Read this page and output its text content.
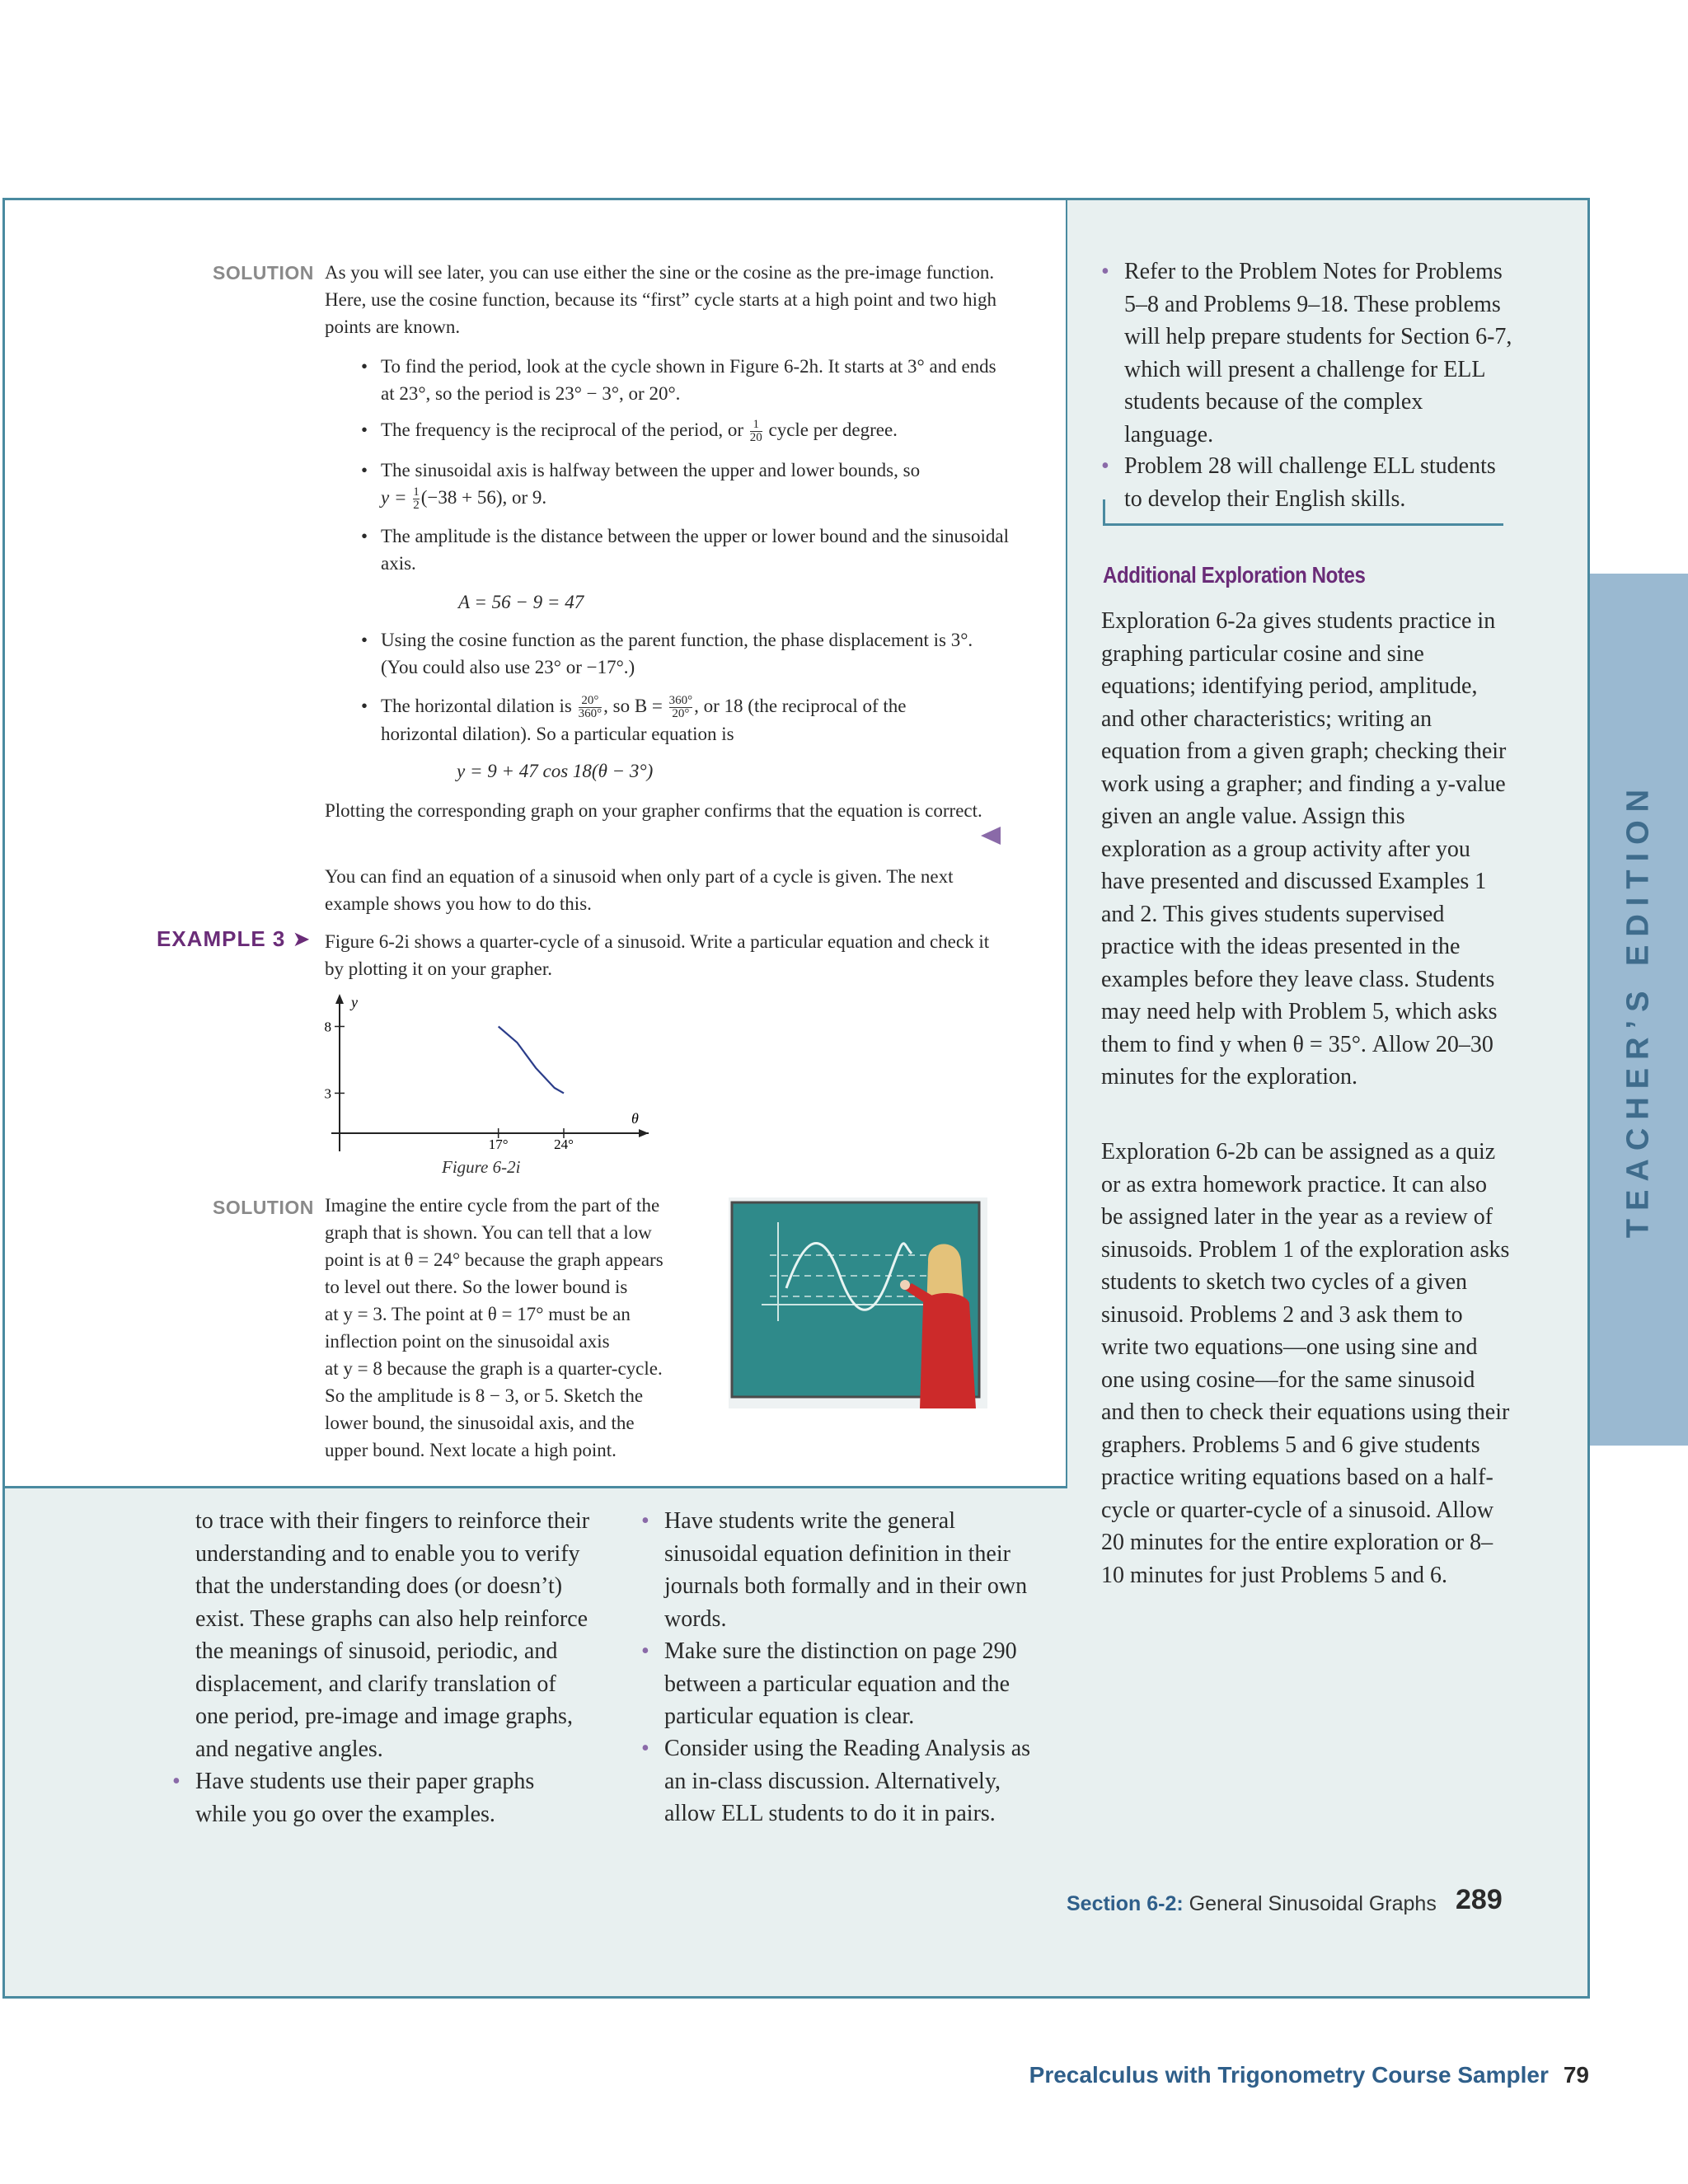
TEACHER’S EDITION
SOLUTION As you will see later, you can use either the sine or the cosine as the pre-image function. Here, use the cosine function, because its “first” cycle starts at a high point and two high points are known.
• To find the period, look at the cycle shown in Figure 6-2h. It starts at 3° and ends at 23°, so the period is 23° − 3°, or 20°.
• The frequency is the reciprocal of the period, or $\frac{1}{20}$ cycle per degree.
• The sinusoidal axis is halfway between the upper and lower bounds, so
$y = \frac{1}{2} (-38 + 56)$, or 9.
• The amplitude is the distance between the upper or lower bound and the sinusoidal axis.
A = 56 − 9 = 47
• Using the cosine function as the parent function, the phase displacement is 3°. (You could also use 23° or −17°.)
• The horizontal dilation is $\frac{20^\circ}{360^\circ}$ , so $B = \frac{360^\circ}{20^\circ}$ , or 18 (the reciprocal of the
horizontal dilation). So a particular equation is
y = 9 + 47 cos 18(θ − 3°)
Plotting the corresponding graph on your grapher confirms that the equation is correct.
You can find an equation of a sinusoid when only part of a cycle is given. The next example shows you how to do this.
EXAMPLE 3 ➤ Figure 6-2i shows a quarter-cycle of a sinusoid. Write a particular equation and check it by plotting it on your grapher.
y
θ
3
8
17°	24°
Figure 6-2i
SOLUTION Imagine the entire cycle from the part of the
graph that is shown. You can tell that a low
point is at θ = 24° because the graph appears
to level out there. So the lower bound is
at y = 3. The point at θ = 17° must be an
inflection point on the sinusoidal axis
at y = 8 because the graph is a quarter-cycle.
So the amplitude is 8 − 3, or 5. Sketch the
lower bound, the sinusoidal axis, and the
upper bound. Next locate a high point.
• Refer to the Problem Notes for Problems 5–8 and Problems 9–18. These problems will help prepare students for Section 6-7, which will present a challenge for ELL students because of the complex language.
• Problem 28 will challenge ELL students to develop their English skills.
Additional Exploration Notes
Exploration 6-2a gives students practice in graphing particular cosine and sine equations; identifying period, amplitude, and other characteristics; writing an equation from a given graph; checking their work using a grapher; and finding a y-value given an angle value. Assign this exploration as a group activity after you have presented and discussed Examples 1 and 2. This gives students supervised practice with the ideas presented in the examples before they leave class. Students may need help with Problem 5, which asks them to find y when θ = 35°. Allow 20–30 minutes for the exploration.
Exploration 6-2b can be assigned as a quiz or as extra homework practice. It can also be assigned later in the year as a review of sinusoids. Problem 1 of the exploration asks students to sketch two cycles of a given sinusoid. Problems 2 and 3 ask them to write two equations—one using sine and one using cosine—for the same sinusoid and then to check their equations using their graphers. Problems 5 and 6 give students practice writing equations based on a half-cycle or quarter-cycle of a sinusoid. Allow 20 minutes for the entire exploration or 8–10 minutes for just Problems 5 and 6.
to trace with their fingers to reinforce their understanding and to enable you to verify that the understanding does (or doesn’t) exist. These graphs can also help reinforce the meanings of sinusoid, periodic, and displacement, and clarify translation of one period, pre-image and image graphs, and negative angles.
• Have students use their paper graphs while you go over the examples.
• Have students write the general sinusoidal equation definition in their journals both formally and in their own words.
• Make sure the distinction on page 290 between a particular equation and the particular equation is clear.
• Consider using the Reading Analysis as an in-class discussion. Alternatively, allow ELL students to do it in pairs.
Section 6-2: General Sinusoidal Graphs 289
Precalculus with Trigonometry Course Sampler 79
